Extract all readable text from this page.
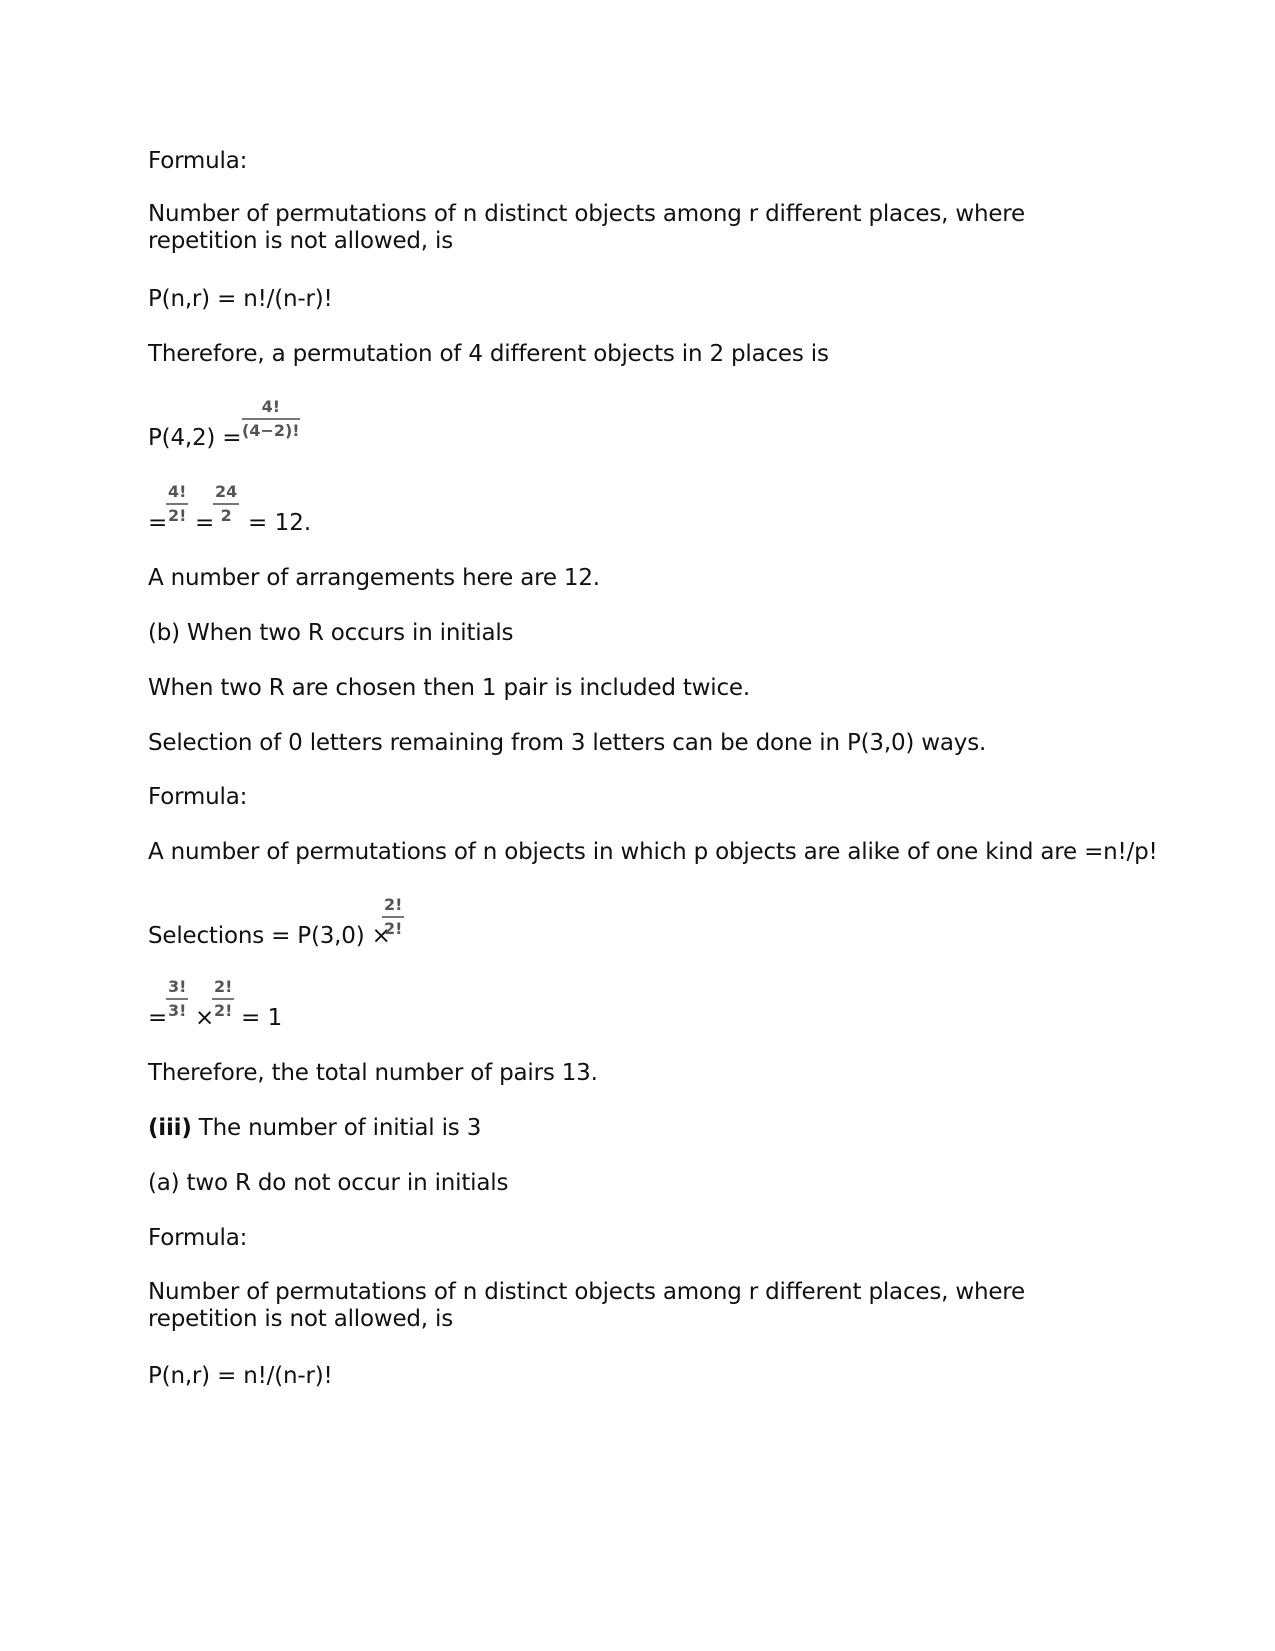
Formula:
Number of permutations of n distinct objects among r different places, where repetition is not allowed, is
P(n,r) = n!/(n-r)!
Therefore, a permutation of 4 different objects in 2 places is
$P(4,2) = \frac{4!}{(4-2)!}$
=
$\frac{4!}{2!}$ =
$\frac{24}{2} = 12$.
A number of arrangements here are 12.
(b) When two R occurs in initials
When two R are chosen then 1 pair is included twice.
Selection of 0 letters remaining from 3 letters can be done in P(3,0) ways.
Formula:
A number of permutations of n objects in which p objects are alike of one kind are =n!/p!
Selections = P(3,0) ×
$\frac{2!}{2!}$
=
$\frac{3!}{3!}$ ×
$\frac{2!}{2!} = 1$
Therefore, the total number of pairs 13.
(iii) The number of initial is 3
(a) two R do not occur in initials
Formula:
Number of permutations of n distinct objects among r different places, where repetition is not allowed, is
P(n,r) = n!/(n-r)!
